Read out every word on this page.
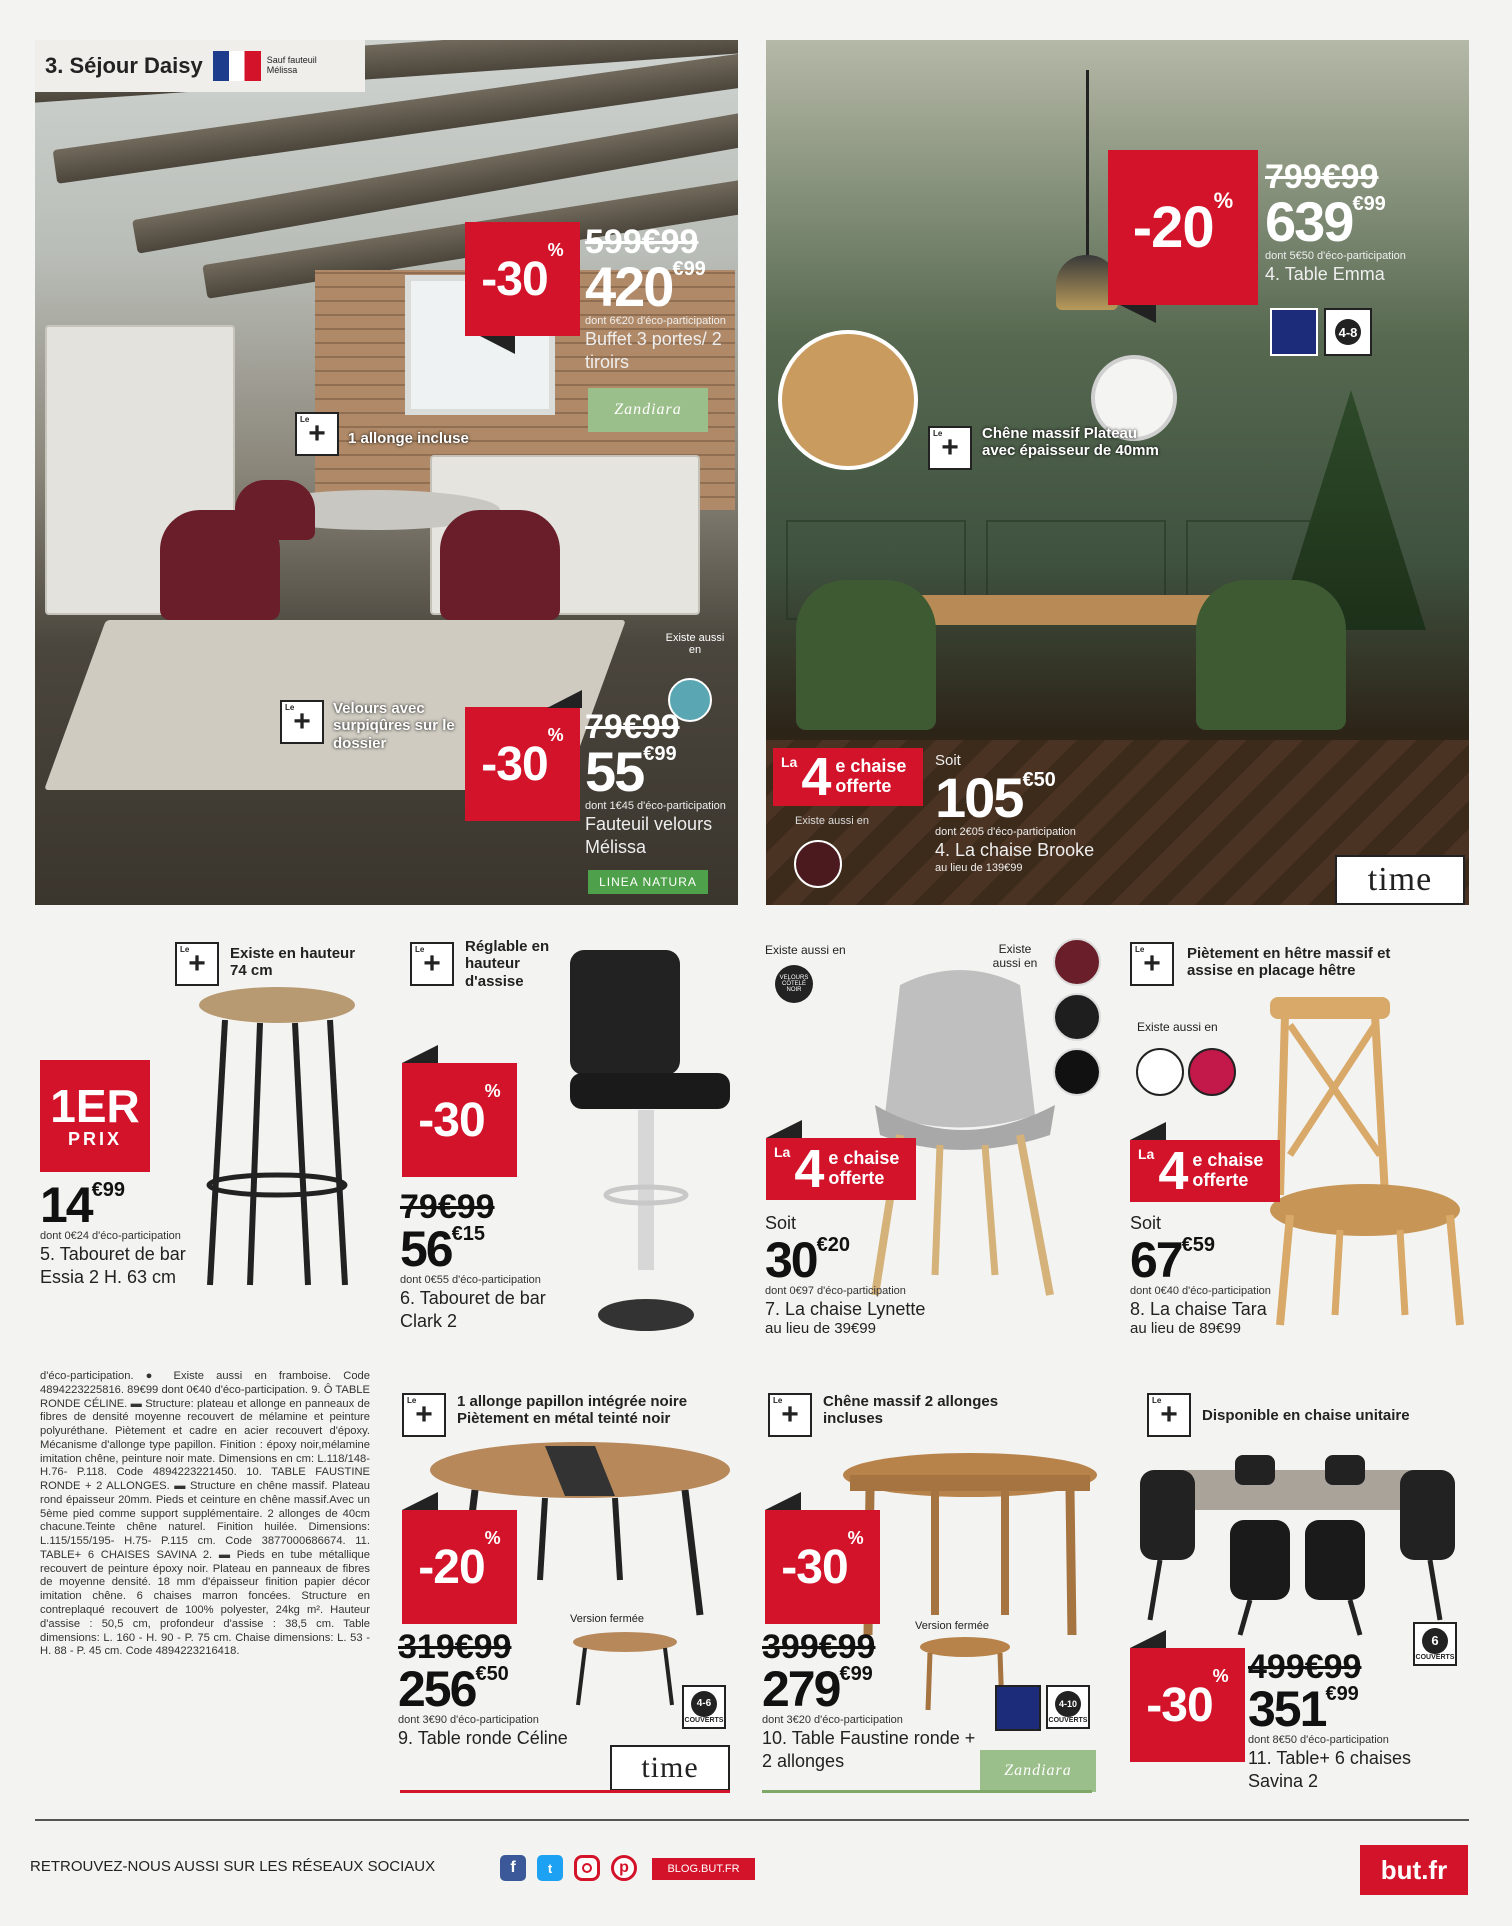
3. Séjour Daisy	Sauf fauteuil Mélissa
-30
% 599€99
$420^{€99}$
dont 6€20 d'éco-participation
Buffet 3 portes/ 2 tiroirs
Zandiara
Le
+	1 allonge incluse
Le
+	Velours avec surpiqûres sur le dossier
Existe aussi en
-30
% 79€99
$55^{€99}$
dont 1€45 d'éco-participation
Fauteuil velours Mélissa
LINEA NATURA
-20 %
799€99
$639^{€99}$
dont 5€50 d'éco-participation
4. Table Emma
4-8
Le
+	Chêne massif Plateau avec épaisseur de 40mm
La 4 e chaise
offerte
Soit
$105^{€50}$
dont 2€05 d'éco-participation
4. La chaise Brooke
au lieu de 139€99
Existe aussi en
time
Le
+	Existe en hauteur 74 cm
1ER
PRIX
$14^{€99}$
dont 0€24 d'éco-participation
5. Tabouret de bar Essia 2 H. 63 cm
Le
+
Réglable en hauteur d'assise
-30
%
79€99
$56^{€15}$
dont 0€55 d'éco-participation
6. Tabouret de bar Clark 2
Existe aussi en
VELOURS CÔTELÉ NOIR
Existe aussi en
La 4 e chaise
offerte
Soit
$30^{€20}$
dont 0€97 d'éco-participation
7. La chaise Lynette
au lieu de 39€99
Le
+	Piètement en hêtre massif et assise en placage hêtre
Existe aussi en
La 4 e chaise
offerte
Soit
$67^{€59}$
dont 0€40 d'éco-participation
8. La chaise Tara
au lieu de 89€99
d'éco-participation. ● Existe aussi en framboise. Code 4894223225816. 89€99 dont 0€40 d'éco-participation. 9. Ô TABLE RONDE CÉLINE. ▬ Structure: plateau et allonge en panneaux de fibres de densité moyenne recouvert de mélamine et peinture polyuréthane. Piètement et cadre en acier recouvert d'époxy. Mécanisme d'allonge type papillon. Finition : époxy noir,mélamine imitation chêne, peinture noir mate. Dimensions en cm: L.118/148- H.76- P.118. Code 4894223221450. 10. TABLE FAUSTINE RONDE + 2 ALLONGES. ▬ Structure en chêne massif. Plateau rond épaisseur 20mm. Pieds et ceinture en chêne massif.Avec un 5ème pied comme support supplémentaire. 2 allonges de 40cm chacune.Teinte chêne naturel. Finition huilée. Dimensions: L.115/155/195- H.75- P.115 cm. Code 3877000686674. 11. TABLE+ 6 CHAISES SAVINA 2. ▬ Pieds en tube métallique recouvert de peinture époxy noir. Plateau en panneaux de fibres de moyenne densité. 18 mm d'épaisseur finition papier décor imitation chêne. 6 chaises marron foncées. Structure en contreplaqué recouvert de 100% polyester, 24kg m². Hauteur d'assise : 50,5 cm, profondeur d'assise : 38,5 cm. Table dimensions: L. 160 - H. 90 - P. 75 cm. Chaise dimensions: L. 53 - H. 88 - P. 45 cm. Code 4894223216418.
Le
+	1 allonge papillon intégrée noire Piètement en métal teinté noir
-20
%
319€99
$256^{€50}$
dont 3€90 d'éco-participation
9. Table ronde Céline
Version fermée
4-6
COUVERTS
time
Le
+	Chêne massif 2 allonges incluses
-30
%
399€99
$279^{€99}$
dont 3€20 d'éco-participation
10. Table Faustine ronde + 2 allonges
Version fermée
4-10
COUVERTS
Zandiara
Le
+	Disponible en chaise unitaire
6
COUVERTS
-30
% 499€99
$351^{€99}$
dont 8€50 d'éco-participation
11. Table+ 6 chaises Savina 2
RETROUVEZ-NOUS AUSSI SUR LES RÉSEAUX SOCIAUX	f	t	p	BLOG.BUT.FR	but.fr
